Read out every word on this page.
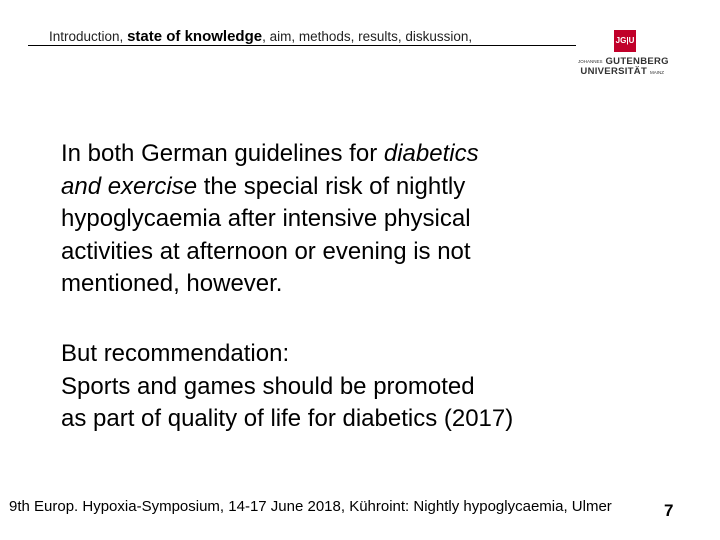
Introduction, state of knowledge, aim, methods, results, diskussion,	JG|U
JOHANNES GUTENBERG
UNIVERSITÄT MAINZ
In both German guidelines for diabetics
and exercise the special risk of nightly
hypoglycaemia after intensive physical
activities at afternoon or evening is not
mentioned, however.
But recommendation:
Sports and games should be promoted
as part of quality of life for diabetics (2017)
9th Europ. Hypoxia-Symposium, 14-17 June 2018, Kühroint: Nightly hypoglycaemia, Ulmer	7
